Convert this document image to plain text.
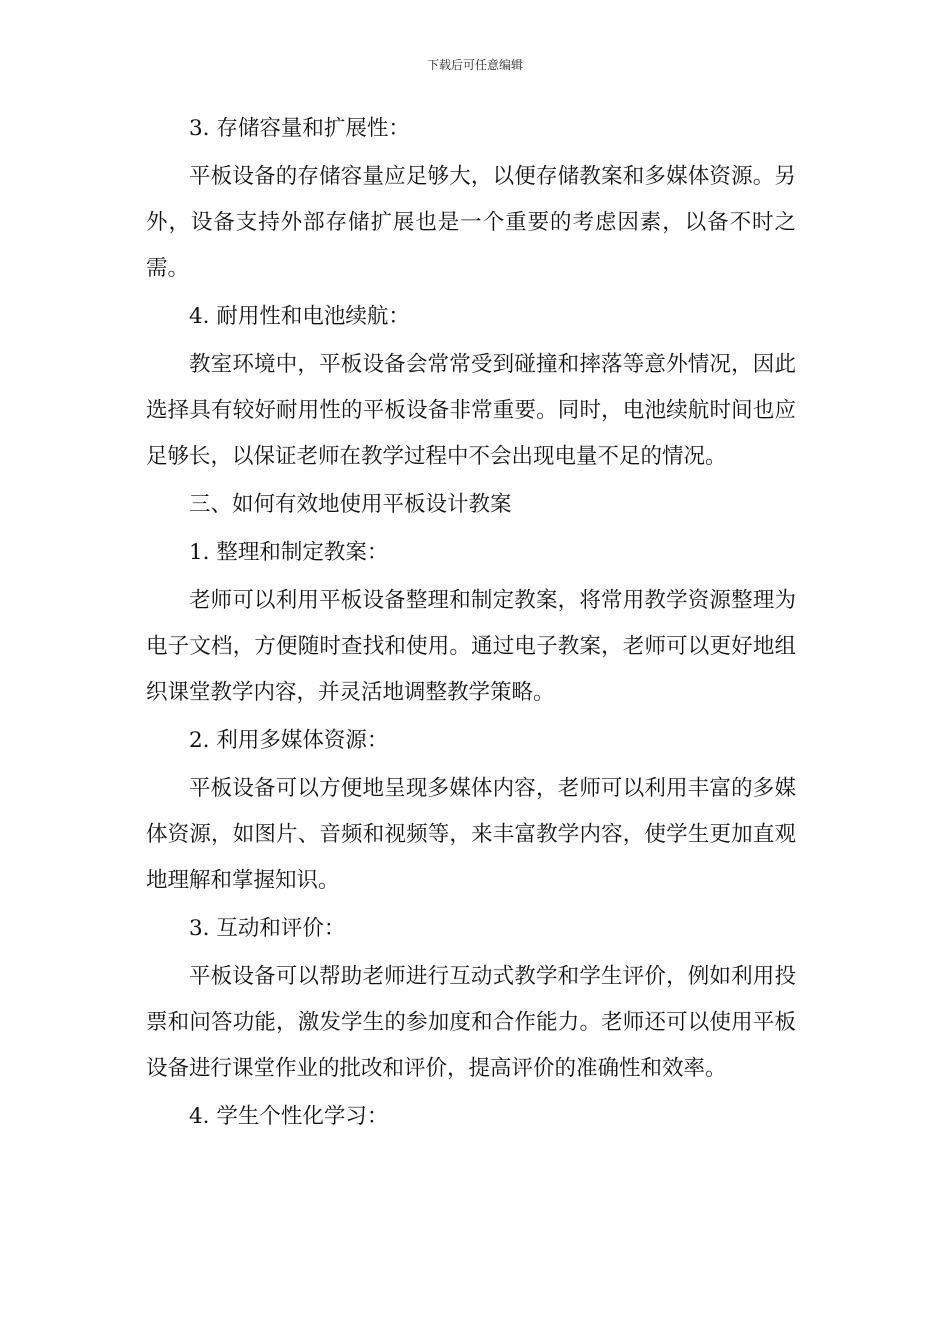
下载后可任意编辑
3. 存储容量和扩展性：
平板设备的存储容量应足够大，以便存储教案和多媒体资源。另外，设备支持外部存储扩展也是一个重要的考虑因素，以备不时之需。
4. 耐用性和电池续航：
教室环境中，平板设备会常常受到碰撞和摔落等意外情况，因此选择具有较好耐用性的平板设备非常重要。同时，电池续航时间也应足够长，以保证老师在教学过程中不会出现电量不足的情况。
三、如何有效地使用平板设计教案
1. 整理和制定教案：
老师可以利用平板设备整理和制定教案，将常用教学资源整理为电子文档，方便随时查找和使用。通过电子教案，老师可以更好地组织课堂教学内容，并灵活地调整教学策略。
2. 利用多媒体资源：
平板设备可以方便地呈现多媒体内容，老师可以利用丰富的多媒体资源，如图片、音频和视频等，来丰富教学内容，使学生更加直观地理解和掌握知识。
3. 互动和评价：
平板设备可以帮助老师进行互动式教学和学生评价，例如利用投票和问答功能，激发学生的参加度和合作能力。老师还可以使用平板设备进行课堂作业的批改和评价，提高评价的准确性和效率。
4. 学生个性化学习：
